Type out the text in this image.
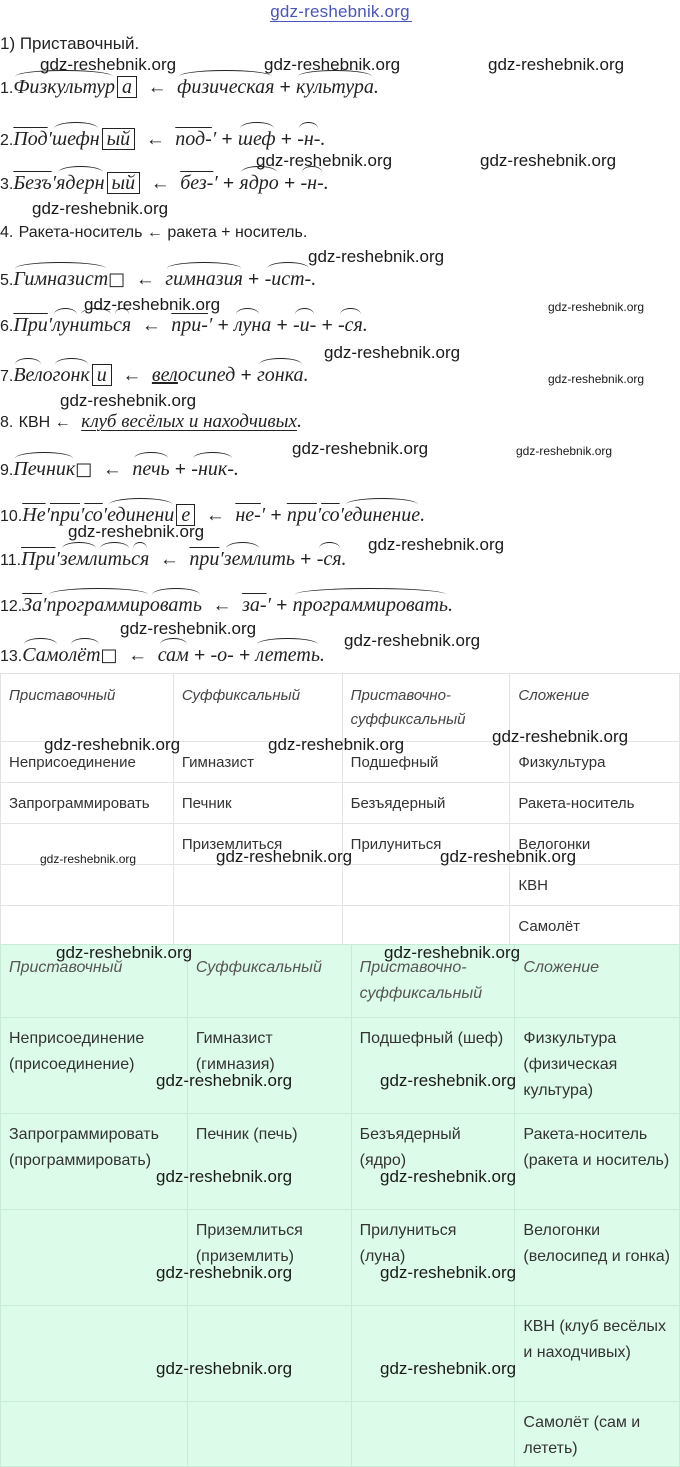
gdz-reshebnik.org
1) Приставочный.
1.Физкультур а ← физическая + культура.
2.Под′шефн ый ← под-′ + шеф + -н-.
3.Безъ′ядерн ый ← без-′ + ядро + -н-.
4. Ракета-носитель ← ракета + носитель.
5.Гимназист□ ← гимназия + -ист-.
6.При′луниться ← при-′ + луна + -и- + -ся.
7.Велогонк и ← велосипед + гонка.
8. КВН ← клуб весёлых и находчивых.
9.Печник□ ← печь + -ник-.
10.Не′при′со′единени е ← не-′ + при′со′единение.
11.При′землиться ← при′землить + -ся.
12.За′программировать ← за-′ + программировать.
13.Самолёт□ ← сам + -о- + лететь.
Приставочный	Суффиксальный	Приставочно-суффиксальный	Сложение
Неприсоединение	Гимназист	Подшефный	Физкультура
Запрограммировать	Печник	Безъядерный	Ракета-носитель
	Приземлиться	Прилуниться	Велогонки
			КВН
			Самолёт
Приставочный	Суффиксальный	Приставочно-суффиксальный	Сложение
Неприсоединение (присоединение)	Гимназист (гимназия)	Подшефный (шеф)	Физкультура (физическая культура)
Запрограммировать (программировать)	Печник (печь)	Безъядерный (ядро)	Ракета-носитель (ракета и носитель)
	Приземлиться (приземлить)	Прилуниться (луна)	Велогонки (велосипед и гонка)
			КВН (клуб весёлых и находчивых)
			Самолёт (сам и лететь)
gdz-reshebnik.org	gdz-reshebnik.org	gdz-reshebnik.org
gdz-reshebnik.org	gdz-reshebnik.org
gdz-reshebnik.org
gdz-reshebnik.org
gdz-reshebnik.org	gdz-reshebnik.org
gdz-reshebnik.org
gdz-reshebnik.org
gdz-reshebnik.org
gdz-reshebnik.org	gdz-reshebnik.org
gdz-reshebnik.org
gdz-reshebnik.org
gdz-reshebnik.org
gdz-reshebnik.org
gdz-reshebnik.org
gdz-reshebnik.org	gdz-reshebnik.org
gdz-reshebnik.org	gdz-reshebnik.org	gdz-reshebnik.org
gdz-reshebnik.org	gdz-reshebnik.org
gdz-reshebnik.org	gdz-reshebnik.org
gdz-reshebnik.org	gdz-reshebnik.org
gdz-reshebnik.org	gdz-reshebnik.org
gdz-reshebnik.org	gdz-reshebnik.org
